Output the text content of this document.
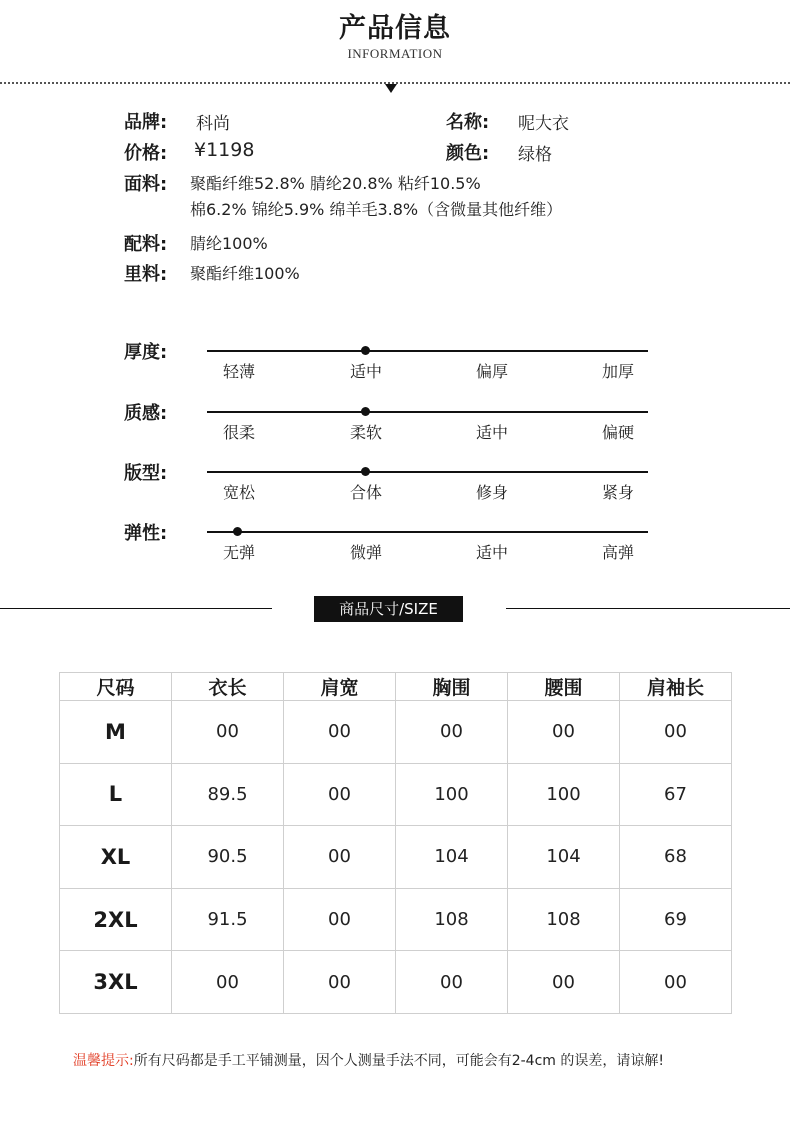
产品信息
INFORMATION
品牌: 科尚	名称: 呢大衣
价格: ¥1198	颜色: 绿格
面料: 聚酯纤维52.8% 腈纶20.8% 粘纤10.5%
棉6.2% 锦纶5.9% 绵羊毛3.8%（含微量其他纤维）
配料: 腈纶100%
里料: 聚酯纤维100%
厚度:
轻薄	适中	偏厚	加厚
质感:
很柔	柔软	适中	偏硬
版型:
宽松	合体	修身	紧身
弹性:
无弹	微弹	适中	高弹
商品尺寸/SIZE
尺码	衣长	肩宽	胸围	腰围	肩袖长
M	00	00	00	00	00
L	89.5	00	100	100	67
XL	90.5	00	104	104	68
2XL	91.5	00	108	108	69
3XL	00	00	00	00	00
温馨提示:所有尺码都是手工平铺测量，因个人测量手法不同，可能会有2-4cm 的误差，请谅解!
